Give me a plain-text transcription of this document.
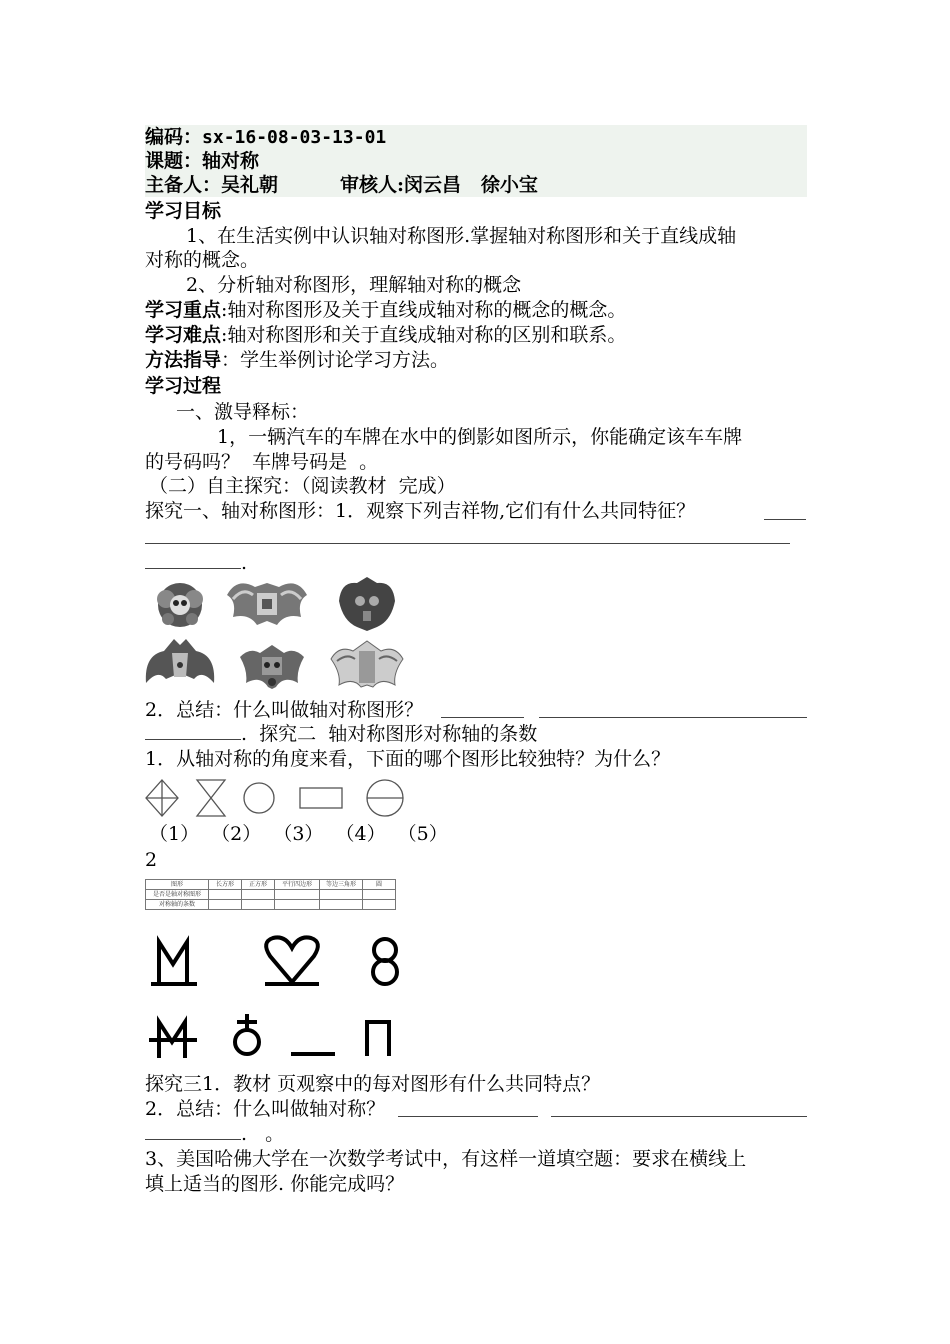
编码：sx-16-08-03-13-01
课题：轴对称
主备人：吴礼朝	审核人:闵云昌   徐小宝
学习目标
1、在生活实例中认识轴对称图形.掌握轴对称图形和关于直线成轴
对称的概念。
2、分析轴对称图形，理解轴对称的概念
学习重点:轴对称图形及关于直线成轴对称的概念的概念。
学习难点:轴对称图形和关于直线成轴对称的区别和联系。
方法指导：学生举例讨论学习方法。
学习过程
一、激导释标：
1，一辆汽车的车牌在水中的倒影如图所示，你能确定该车车牌
的号码吗？  车牌号码是  。
（二）自主探究：（阅读教材  完成）
探究一、轴对称图形：1．观察下列吉祥物,它们有什么共同特征？
.
2．总结：什么叫做轴对称图形？
.  探究二  轴对称图形对称轴的条数
1．从轴对称的角度来看，下面的哪个图形比较独特？为什么？
（1）  （2）  （3）  （4）  （5）
2
图形	长方形	正方形	平行四边形	等边三角形	圆
是否是轴对称图形					
对称轴的条数					
探究三1．教材 页观察中的每对图形有什么共同特点？
2．总结：什么叫做轴对称？
.   。
3、美国哈佛大学在一次数学考试中，有这样一道填空题：要求在横线上
填上适当的图形. 你能完成吗？
